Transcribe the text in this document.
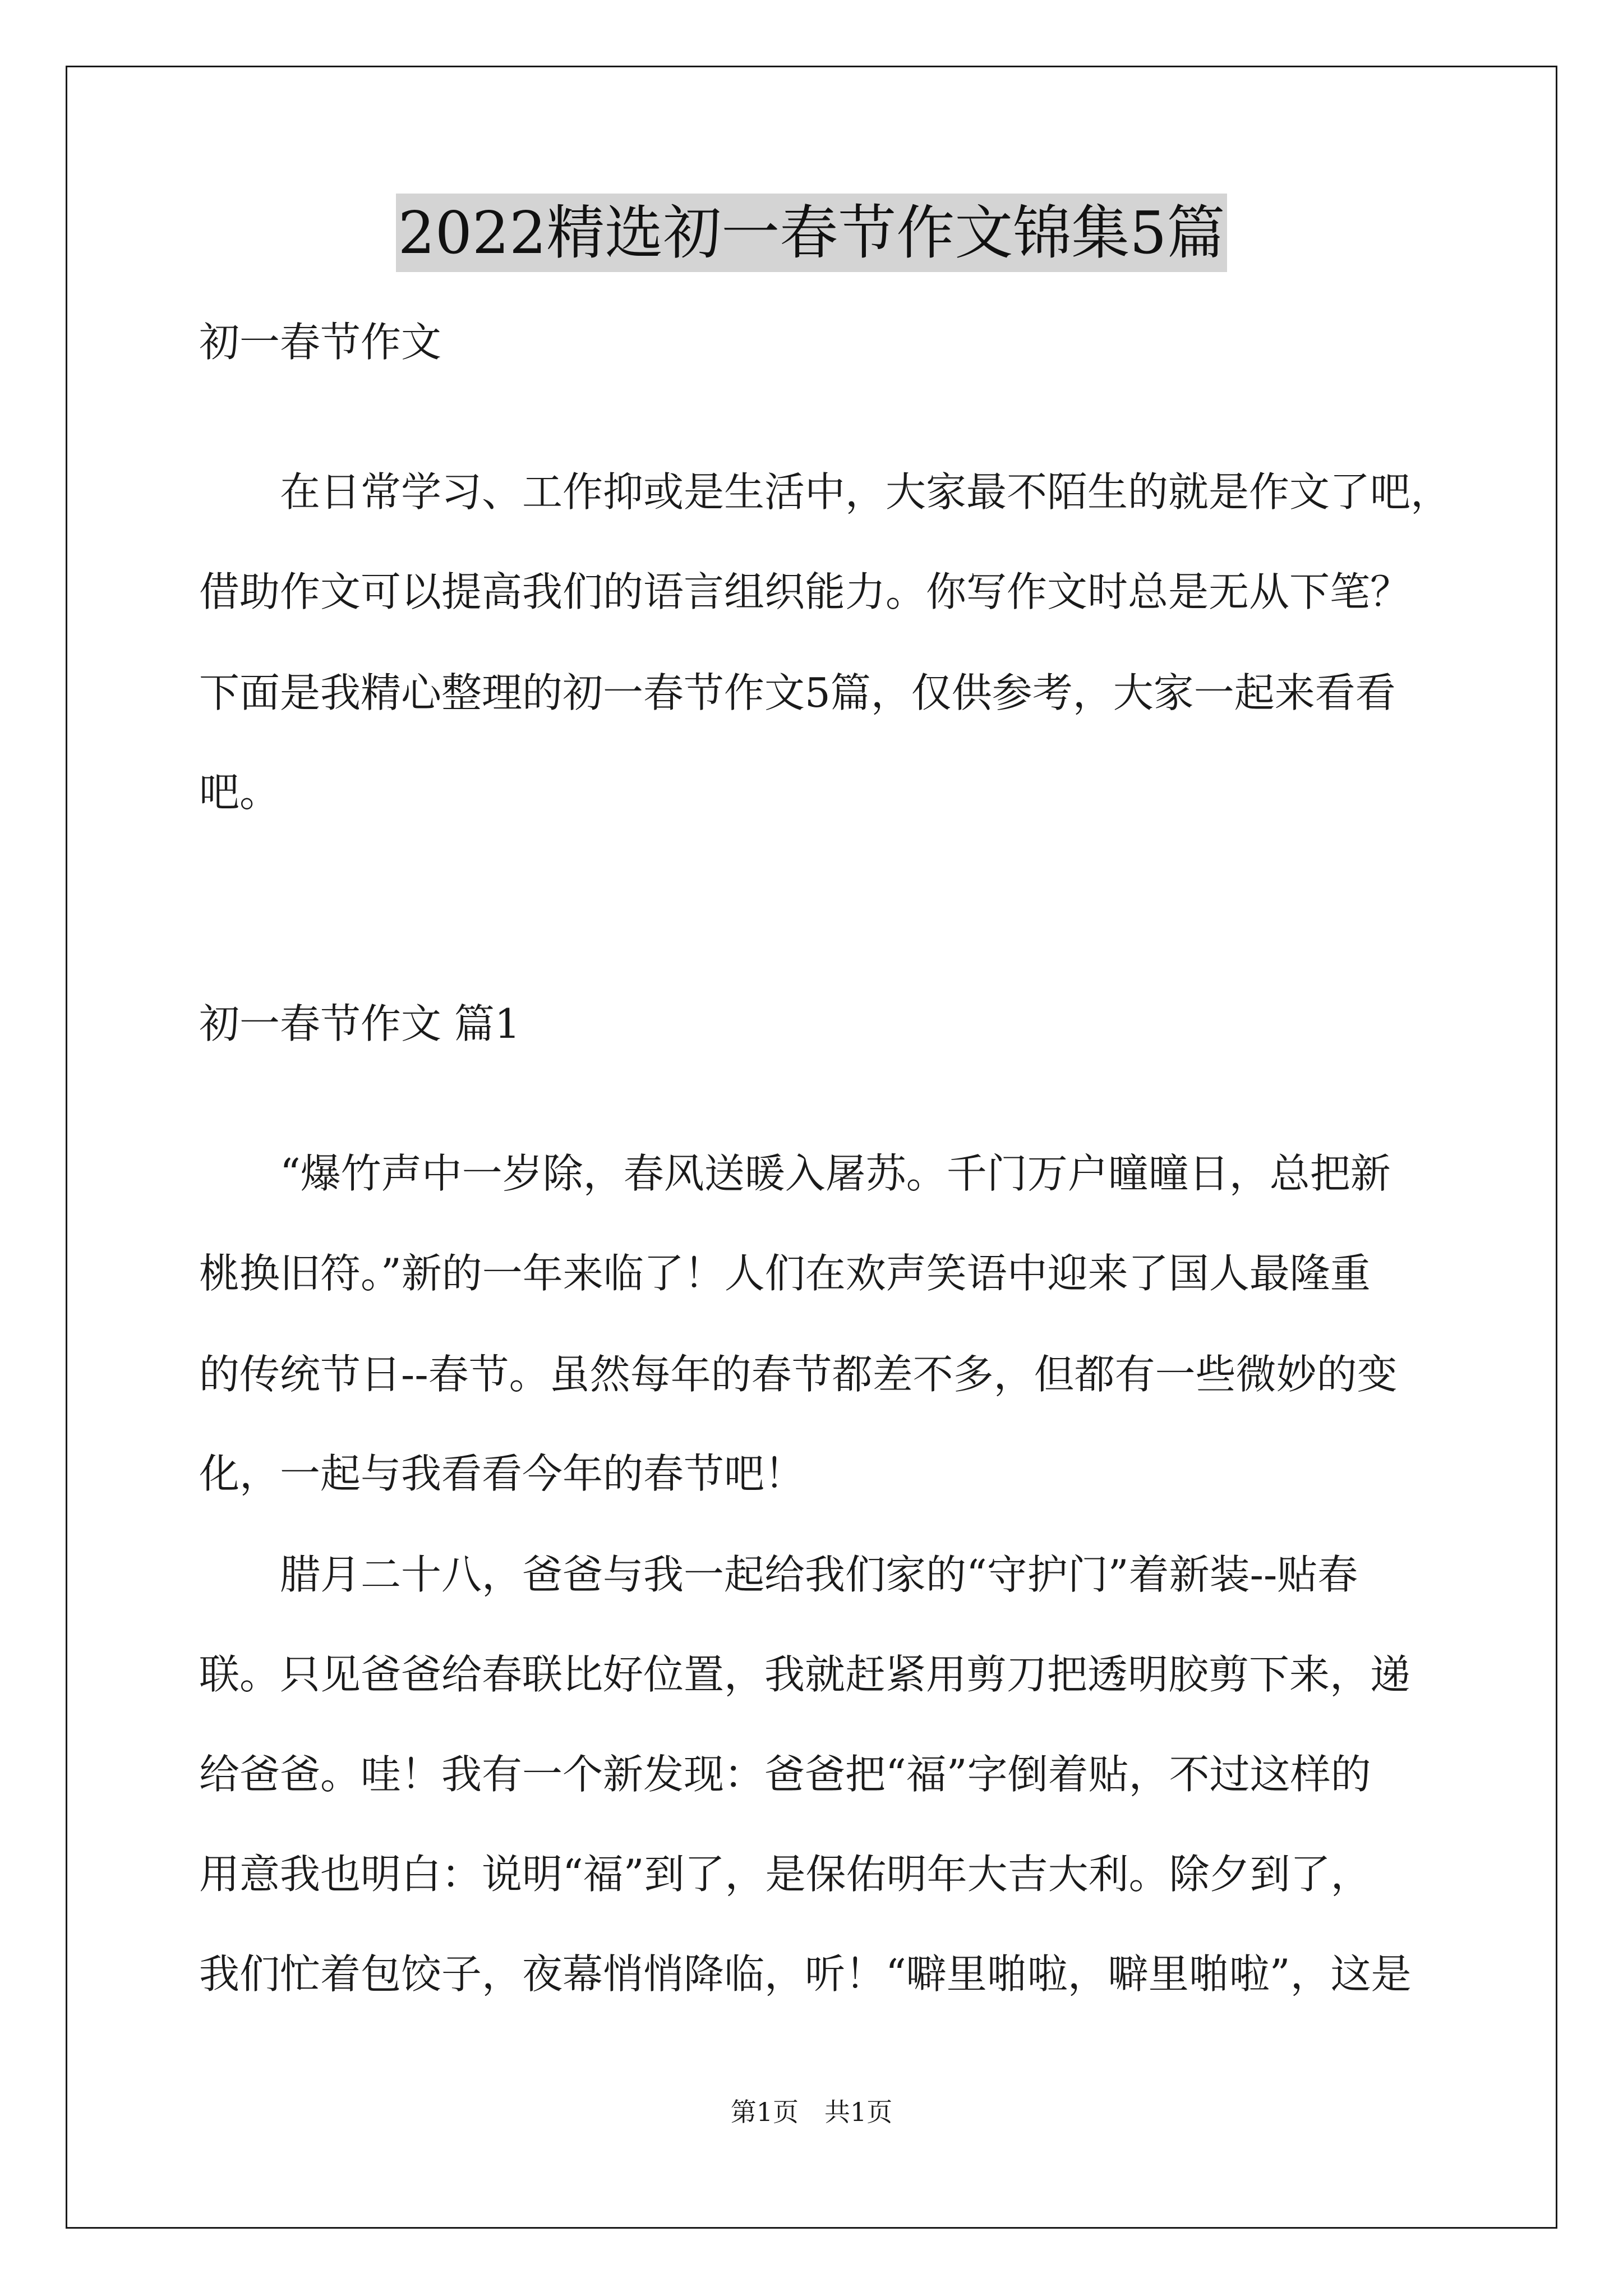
2022精选初一春节作文锦集5篇
初一春节作文
　　在日常学习、工作抑或是生活中，大家最不陌生的就是作文了吧，
借助作文可以提高我们的语言组织能力。你写作文时总是无从下笔？
下面是我精心整理的初一春节作文5篇，仅供参考，大家一起来看看
吧。
初一春节作文 篇1
　　“爆竹声中一岁除，春风送暖入屠苏。千门万户曈曈日，总把新
桃换旧符。”新的一年来临了！人们在欢声笑语中迎来了国人最隆重
的传统节日--春节。虽然每年的春节都差不多，但都有一些微妙的变
化，一起与我看看今年的春节吧！
　　腊月二十八，爸爸与我一起给我们家的“守护门”着新装--贴春
联。只见爸爸给春联比好位置，我就赶紧用剪刀把透明胶剪下来，递
给爸爸。哇！我有一个新发现：爸爸把“福”字倒着贴，不过这样的
用意我也明白：说明“福”到了，是保佑明年大吉大利。除夕到了，
我们忙着包饺子，夜幕悄悄降临，听！“噼里啪啦，噼里啪啦”，这是
第1页　共1页
